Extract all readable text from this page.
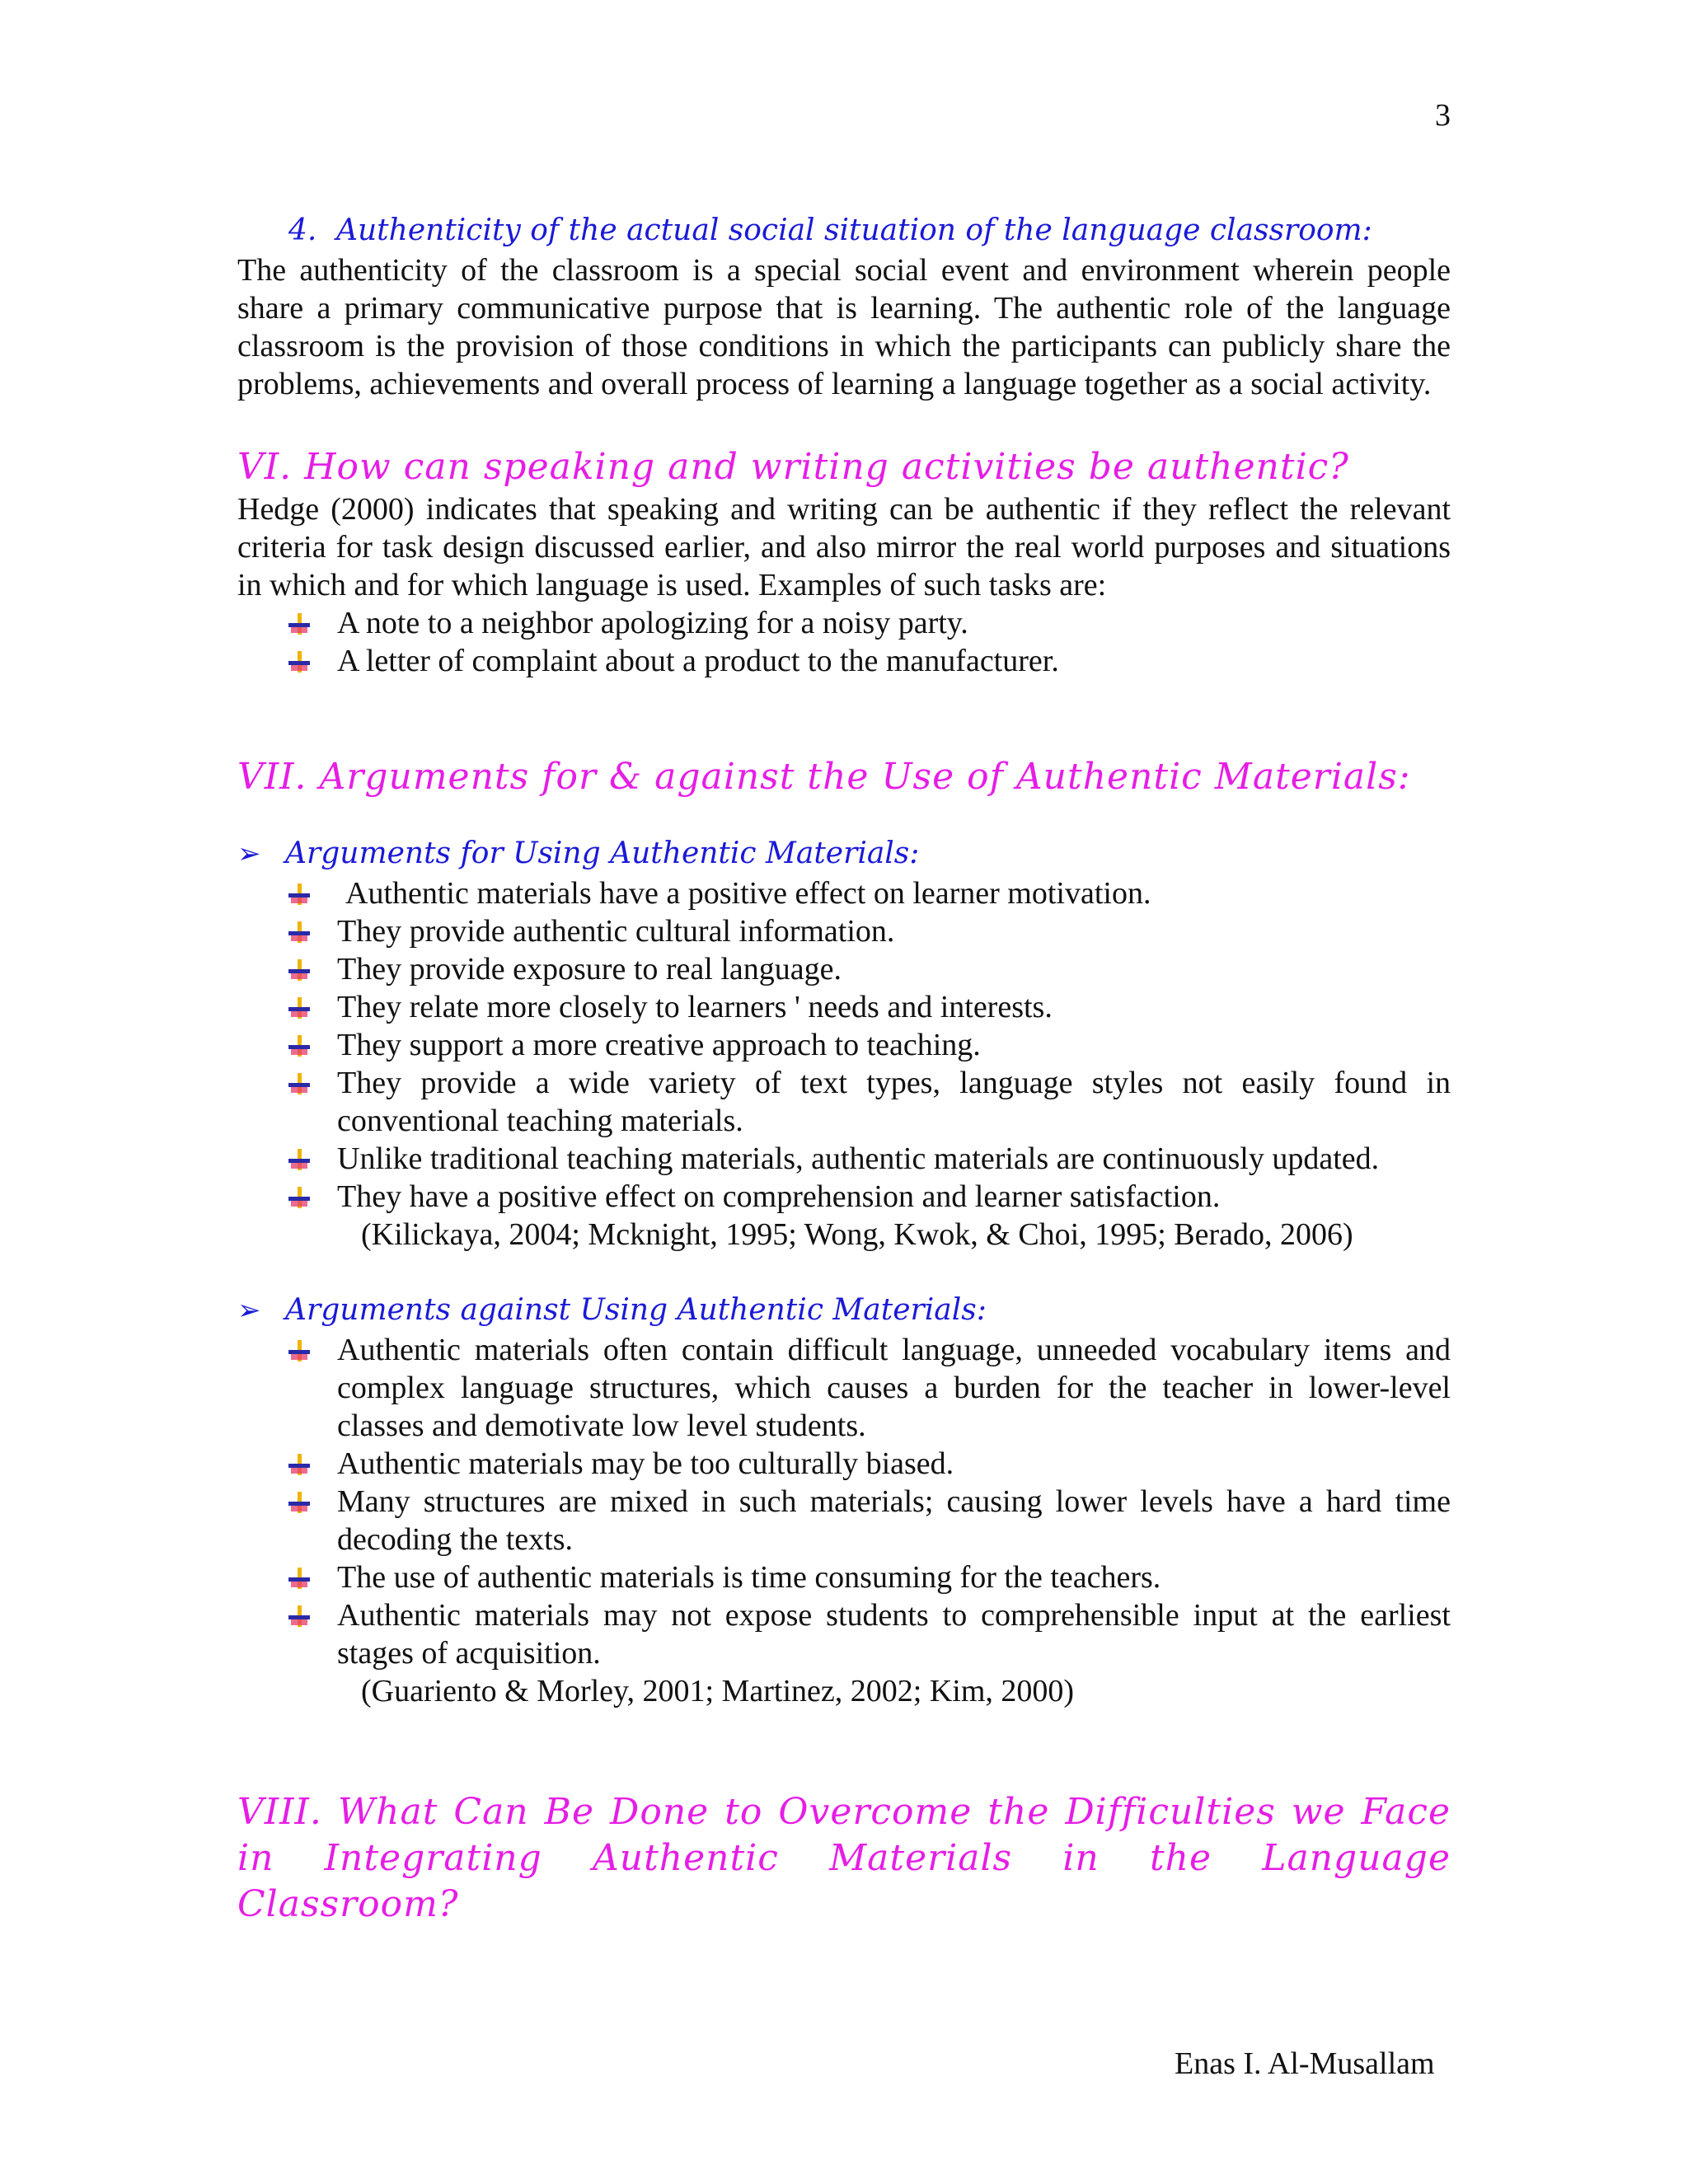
3

4. Authenticity of the actual social situation of the language classroom:

The authenticity of the classroom is a special social event and environment wherein people share a primary communicative purpose that is learning. The authentic role of the language classroom is the provision of those conditions in which the participants can publicly share the problems, achievements and overall process of learning a language together as a social activity.

VI. How can speaking and writing activities be authentic?

Hedge (2000) indicates that speaking and writing can be authentic if they reflect the relevant criteria for task design discussed earlier, and also mirror the real world purposes and situations in which and for which language is used. Examples of such tasks are:

A note to a neighbor apologizing for a noisy party.
A letter of complaint about a product to the manufacturer.

VII. Arguments for & against the Use of Authentic Materials:

➢ Arguments for Using Authentic Materials:

Authentic materials have a positive effect on learner motivation.
They provide authentic cultural information.
They provide exposure to real language.
They relate more closely to learners ' needs and interests.
They support a more creative approach to teaching.
They provide a wide variety of text types, language styles not easily found in conventional teaching materials.
Unlike traditional teaching materials, authentic materials are continuously updated.
They have a positive effect on comprehension and learner satisfaction.
(Kilickaya, 2004; Mcknight, 1995; Wong, Kwok, & Choi, 1995; Berado, 2006)

➢ Arguments against Using Authentic Materials:

Authentic materials often contain difficult language, unneeded vocabulary items and complex language structures, which causes a burden for the teacher in lower-level classes and demotivate low level students.
Authentic materials may be too culturally biased.
Many structures are mixed in such materials; causing lower levels have a hard time decoding the texts.
The use of authentic materials is time consuming for the teachers.
Authentic materials may not expose students to comprehensible input at the earliest stages of acquisition.
(Guariento & Morley, 2001; Martinez, 2002; Kim, 2000)

VIII. What Can Be Done to Overcome the Difficulties we Face in Integrating Authentic Materials in the Language Classroom?

Enas I. Al-Musallam
